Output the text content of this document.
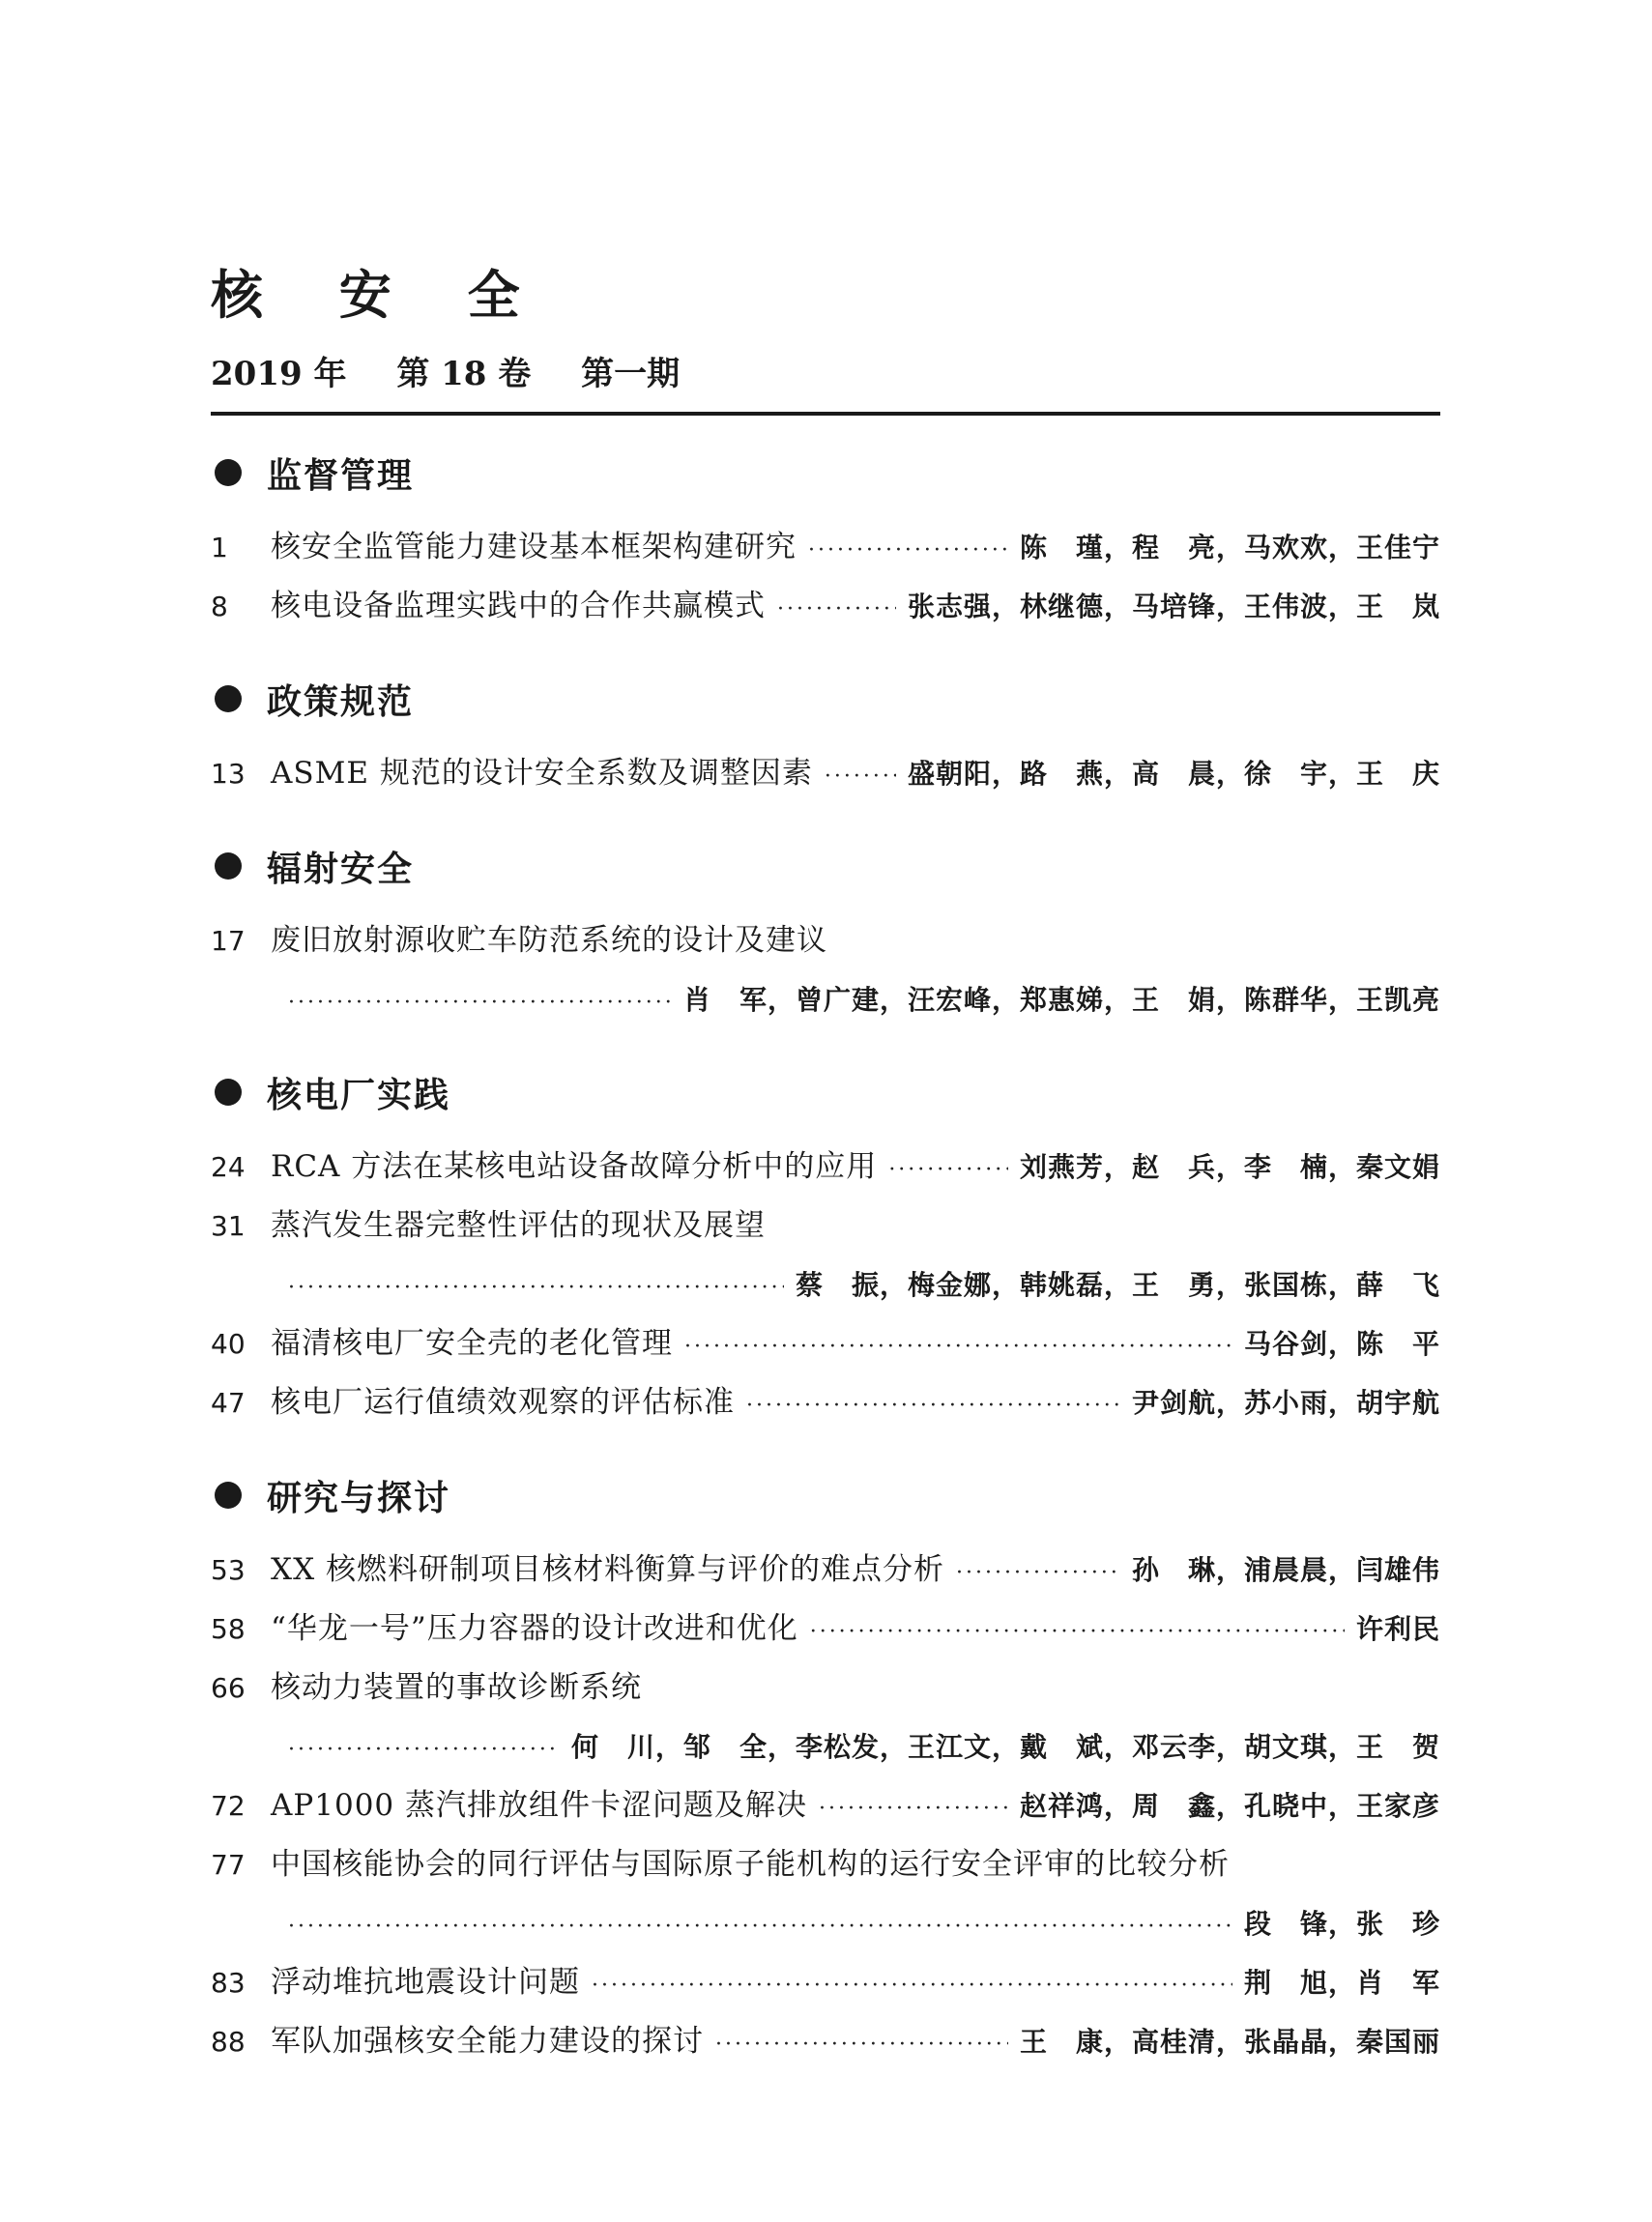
核 安 全
2019 年 第 18 卷 第一期
监督管理
1	核安全监管能力建设基本框架构建研究 ·····	陈　瑾，程　亮，马欢欢，王佳宁
8	核电设备监理实践中的合作共赢模式 ·····	张志强，林继德，马培锋，王伟波，王　岚
政策规范
13 ASME 规范的设计安全系数及调整因素 ·····	盛朝阳，路　燕，高　晨，徐　宇，王　庆
辐射安全
17 废旧放射源收贮车防范系统的设计及建议
·····
肖　军，曾广建，汪宏峰，郑惠娣，王　娟，陈群华，王凯亮
核电厂实践
24 RCA 方法在某核电站设备故障分析中的应用 ·····	刘燕芳，赵　兵，李　楠，秦文娟
31 蒸汽发生器完整性评估的现状及展望
·····
蔡　振，梅金娜，韩姚磊，王　勇，张国栋，薛　飞
40 福清核电厂安全壳的老化管理 ·····	马谷剑，陈　平
47 核电厂运行值绩效观察的评估标准 ·····	尹剑航，苏小雨，胡宇航
研究与探讨
53 XX 核燃料研制项目核材料衡算与评价的难点分析 ·····	孙　琳，浦晨晨，闫雄伟
58 “华龙一号”压力容器的设计改进和优化 ·····	许利民
66 核动力装置的事故诊断系统
·····
何　川，邹　全，李松发，王江文，戴　斌，邓云李，胡文琪，王　贺
72 AP1000 蒸汽排放组件卡涩问题及解决 ·····	赵祥鸿，周　鑫，孔晓中，王家彦
77 中国核能协会的同行评估与国际原子能机构的运行安全评审的比较分析
·····
段　锋，张　珍
83 浮动堆抗地震设计问题 ·····	荆　旭，肖　军
88 军队加强核安全能力建设的探讨 ·····	王　康，高桂清，张晶晶，秦国丽
